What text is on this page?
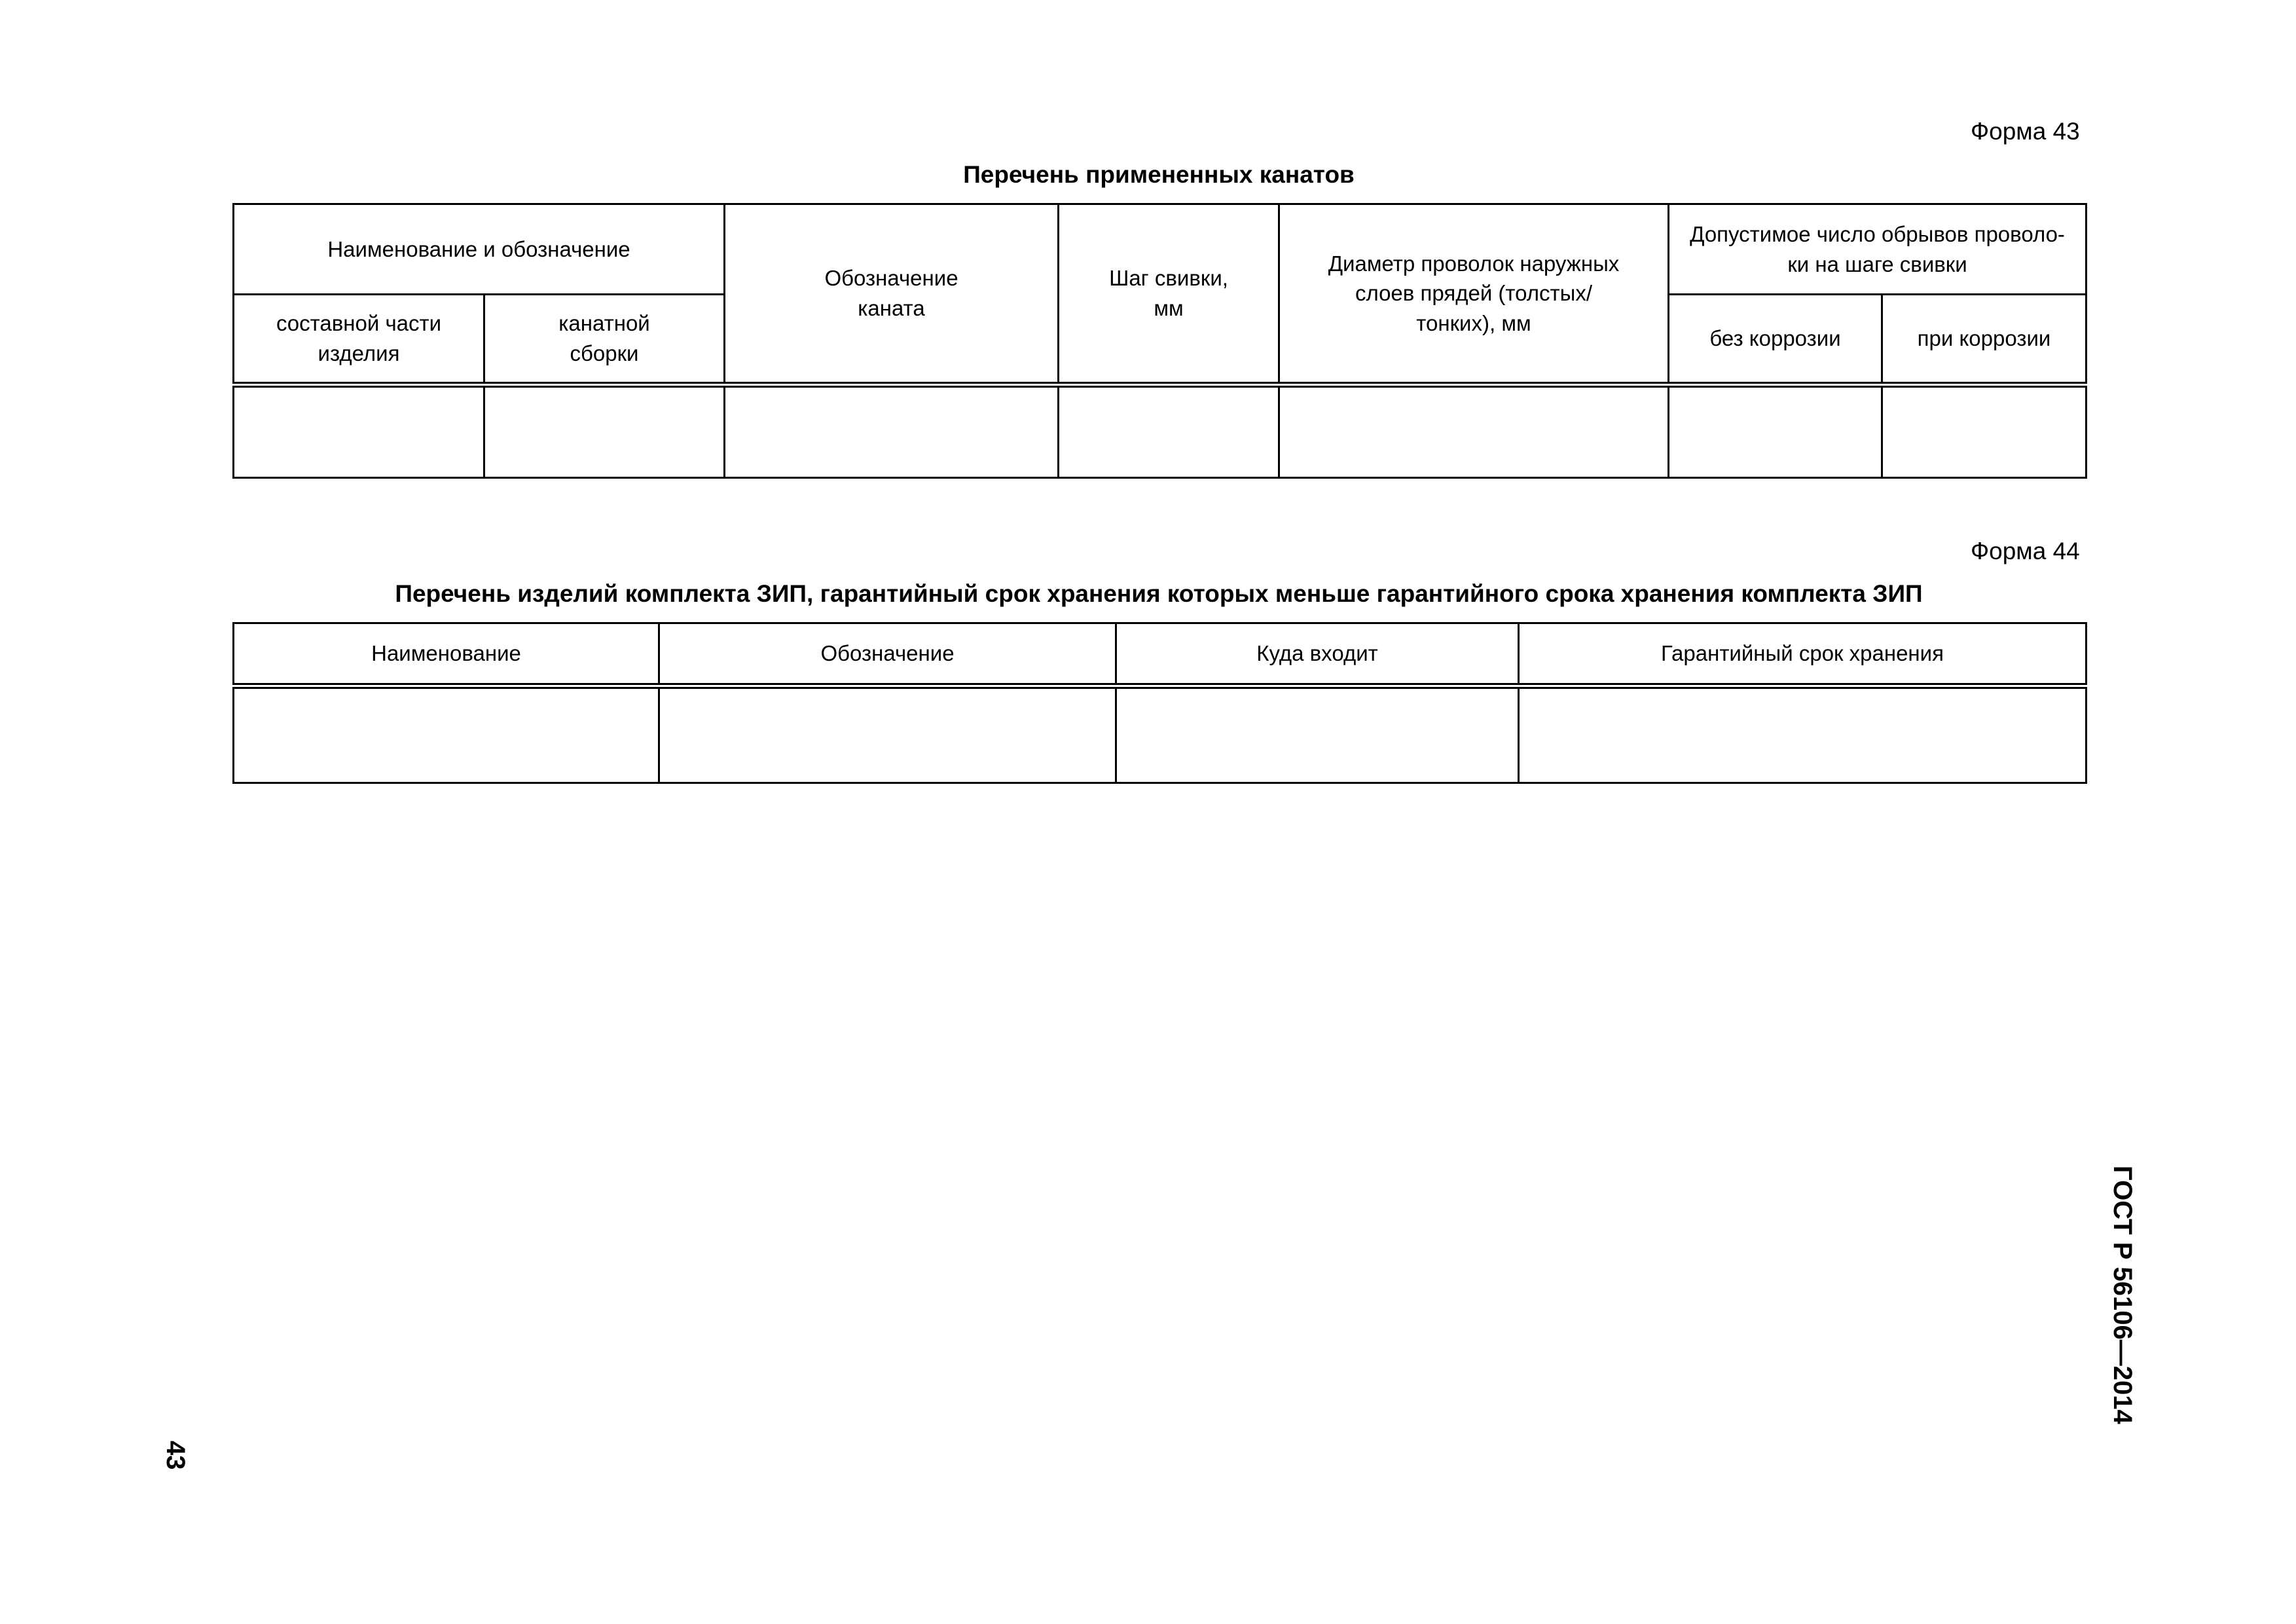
Форма 43
Перечень примененных канатов
Наименование и обозначение		Обозначение каната	Шаг свивки, мм	Диаметр проволок наружных слоев прядей (толстых/тонких), мм	Допустимое число обрывов проволо-ки на шаге свивки	
составной части изделия	канатной сборки				без коррозии	при коррозии

Форма 44
Перечень изделий комплекта ЗИП, гарантийный срок хранения которых меньше гарантийного срока хранения комплекта ЗИП
Наименование	Обозначение	Куда входит	Гарантийный срок хранения

ГОСТ Р 56106—2014
43
